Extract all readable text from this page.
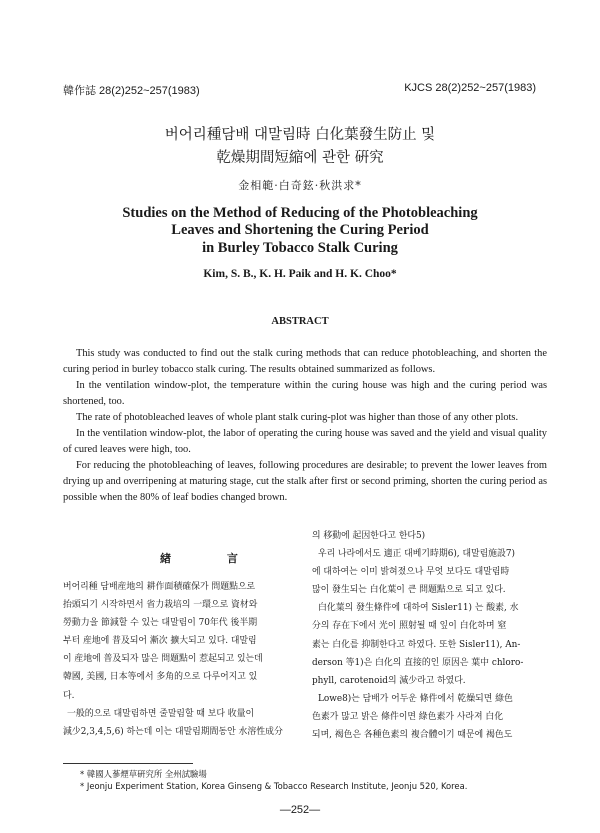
韓作誌 28(2)252~257(1983)	KJCS 28(2)252~257(1983)
버어리種담배 대말림時 白化葉發生防止 및
乾燥期間短縮에 관한 硏究
金相範·白奇鉉·秋洪求*
Studies on the Method of Reducing of the Photobleaching
Leaves and Shortening the Curing Period
in Burley Tobacco Stalk Curing
Kim, S. B., K. H. Paik and H. K. Choo*
ABSTRACT

This study was conducted to find out the stalk curing methods that can reduce photobleaching, and shorten the curing period in burley tobacco stalk curing. The results obtained summarized as follows.

In the ventilation window-plot, the temperature within the curing house was high and the curing period was shortened, too.

The rate of photobleached leaves of whole plant stalk curing-plot was higher than those of any other plots.

In the ventilation window-plot, the labor of operating the curing house was saved and the yield and visual quality of cured leaves were high, too.

For reducing the photobleaching of leaves, following procedures are desirable; to prevent the lower leaves from drying up and overripening at maturing stage, cut the stalk after first or second priming, shorten the curing period as possible when the 80% of leaf bodies changed brown.

緖 言
버어리種 담배産地의 耕作面積確保가 問題點으로
抬頭되기 시작하면서 省力栽培의 一環으로 資材와
勞動力을 節減할 수 있는 대말림이 70年代 後半期
부터 産地에 普及되어 漸次 擴大되고 있다. 대말림
이 産地에 普及되자 많은 問題點이 惹起되고 있는데
韓國, 美國, 日本等에서 多角的으로 다루어지고 있
다.
一般的으로 대말림하면 줄말림할 때 보다 收量이
減少2,3,4,5,6) 하는데 이는 대말림期間동안 水溶性成分
의 移動에 起因한다고 한다5)
우리 나라에서도 適正 대베기時期6), 대말림施設7)
에 대하여는 이미 밝혀졌으나 무엇 보다도 대말림時
많이 發生되는 白化葉이 큰 問題點으로 되고 있다.
白化葉의 發生條件에 대하여 Sisler11) 는 酸素, 水
分의 存在下에서 光이 照射될 때 잎이 白化하며 窒
素는 白化를 抑制한다고 하였다. 또한 Sisler11), An-
derson 等1)은 白化의 直接的인 原因은 葉中 chloro-
phyll, carotenoid의 減少라고 하였다.
Lowe8)는 담배가 어두운 條件에서 乾燥되면 綠色
色素가 많고 밝은 條件이면 綠色素가 사라져 白化
되며, 褐色은 各種色素의 複合體이기 때문에 褐色도
* 韓國人蔘煙草硏究所 全州試驗場
* Jeonju Experiment Station, Korea Ginseng & Tobacco Research Institute, Jeonju 520, Korea.
—252—
